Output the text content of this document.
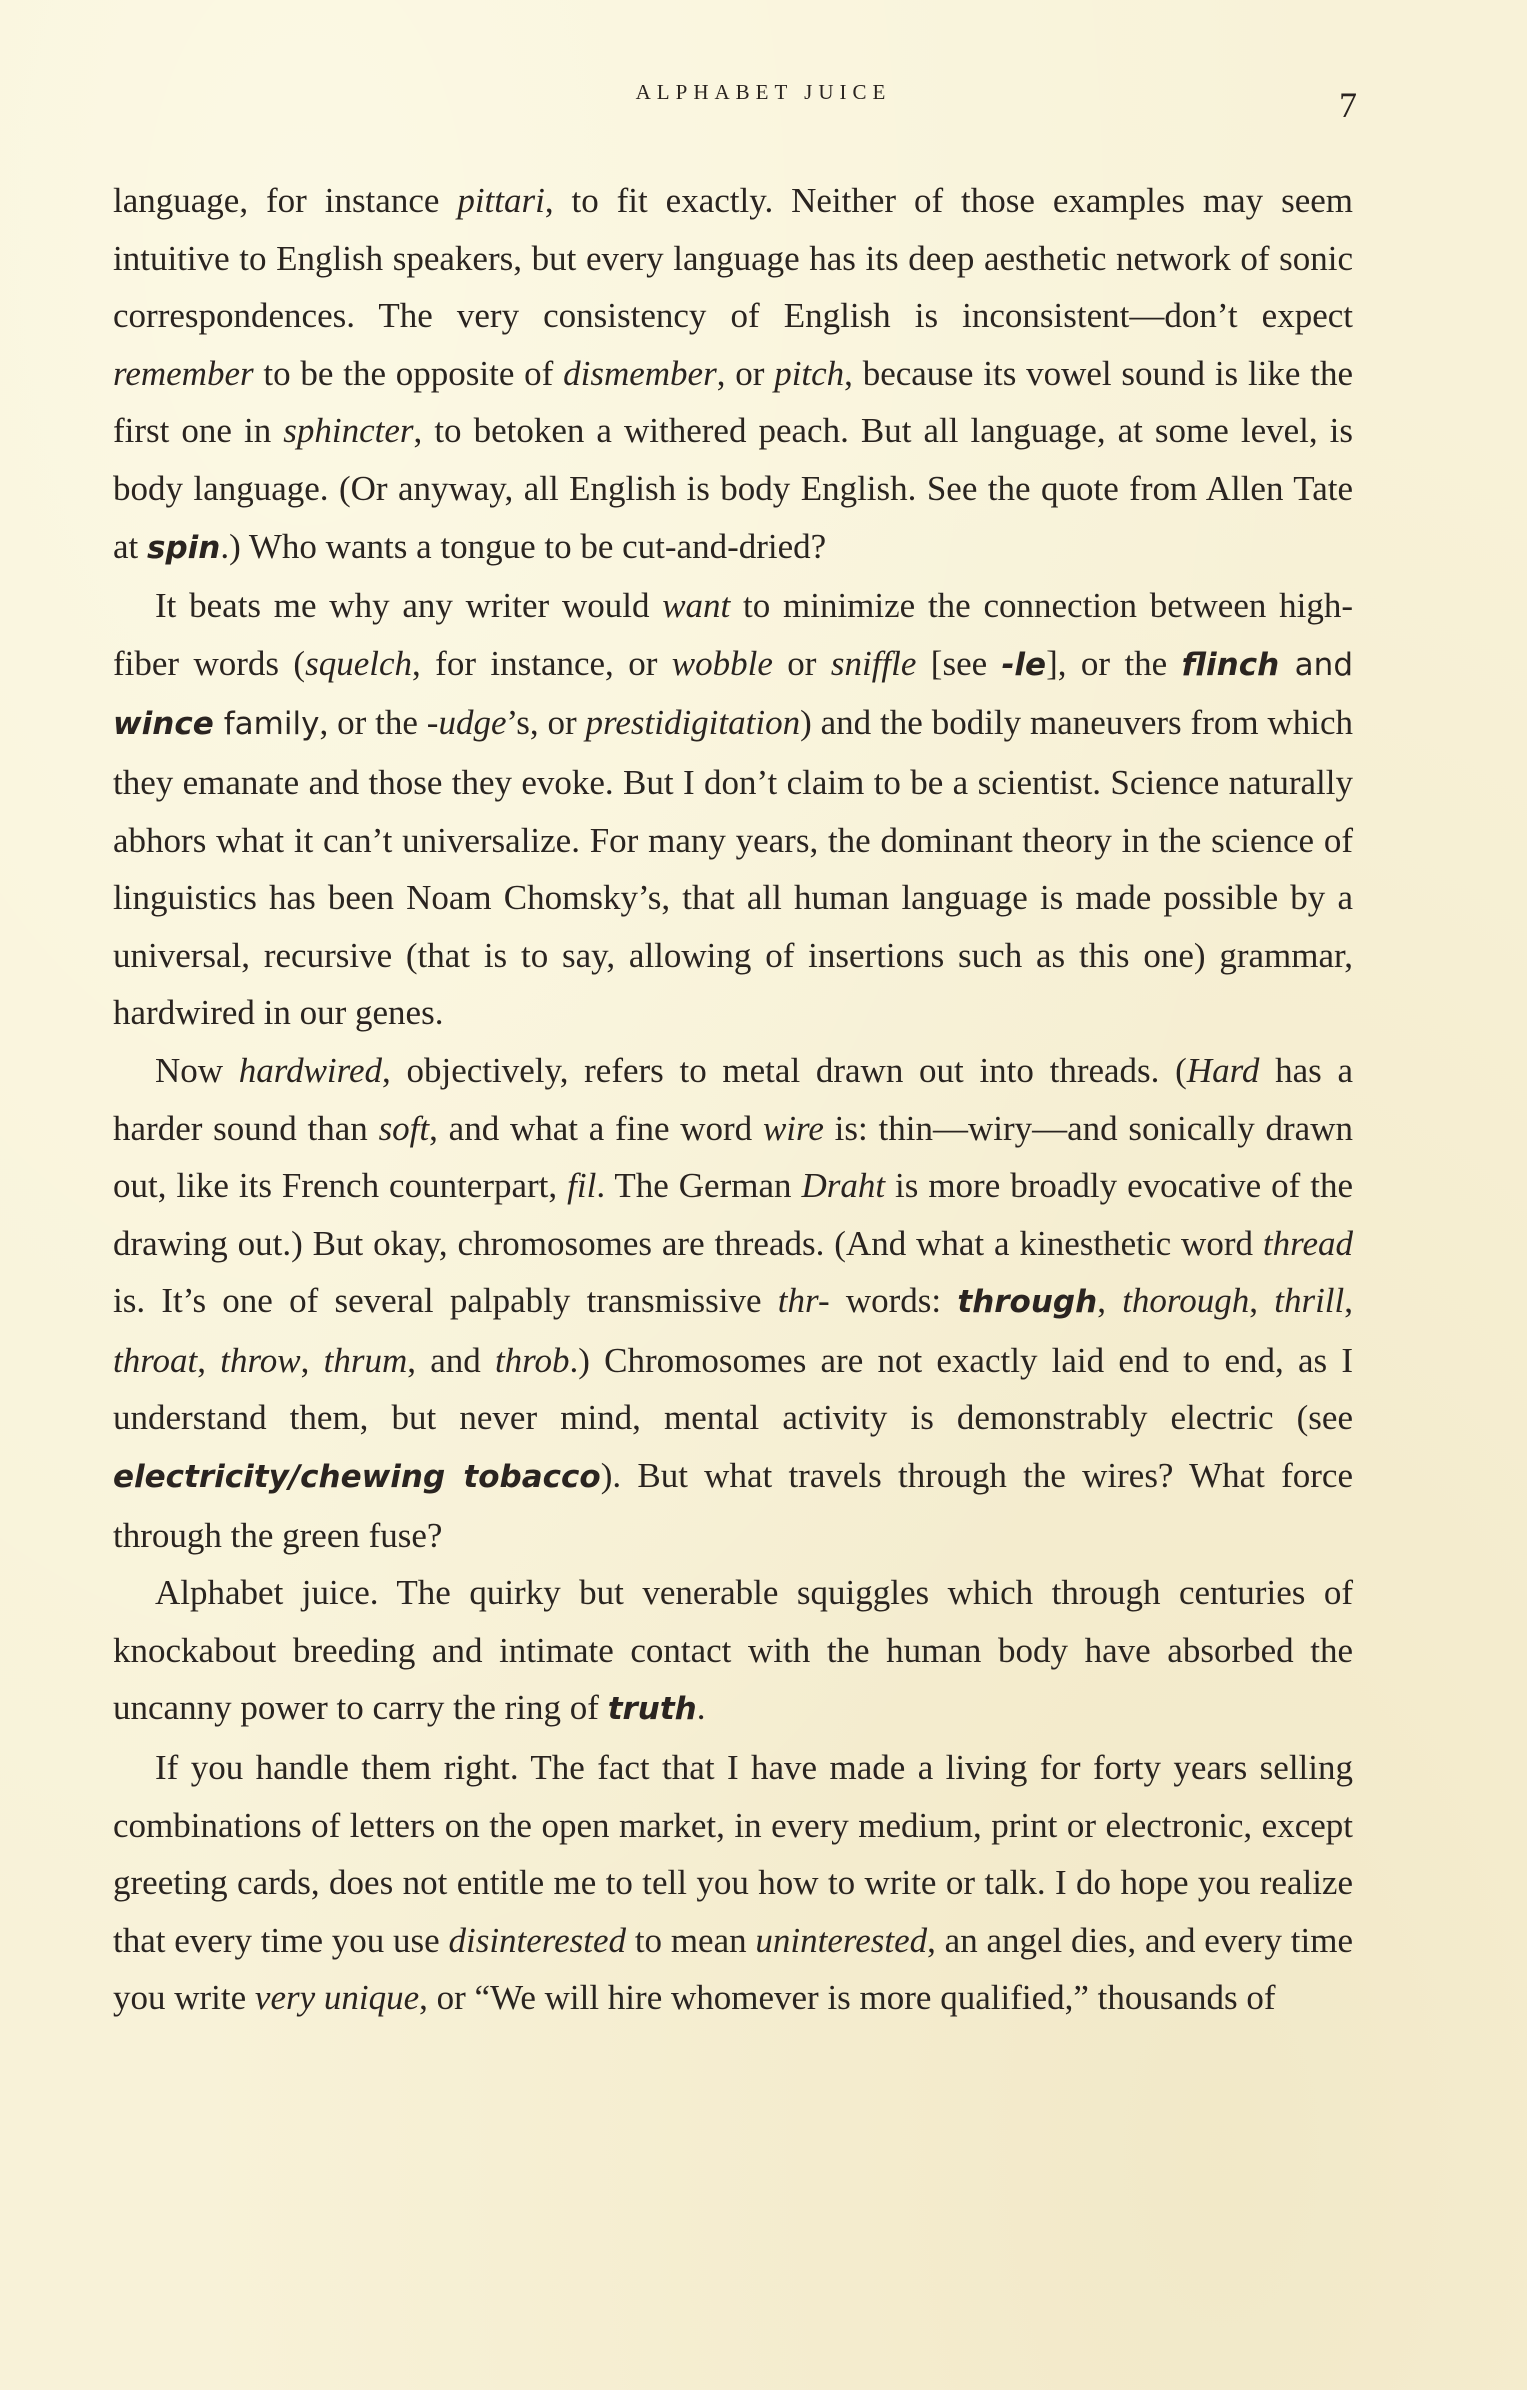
ALPHABET JUICE	7

language, for instance pittari, to fit exactly. Neither of those examples may seem intuitive to English speakers, but every language has its deep aesthetic network of sonic correspondences. The very consistency of English is inconsistent—don’t expect remember to be the opposite of dismember, or pitch, because its vowel sound is like the first one in sphincter, to betoken a withered peach. But all language, at some level, is body language. (Or anyway, all English is body English. See the quote from Allen Tate at spin.) Who wants a tongue to be cut-and-dried?

It beats me why any writer would want to minimize the connection between high-fiber words (squelch, for instance, or wobble or sniffle [see -le], or the flinch and wince family, or the -udge’s, or prestidigitation) and the bodily maneuvers from which they emanate and those they evoke. But I don’t claim to be a scientist. Science naturally abhors what it can’t universalize. For many years, the dominant theory in the science of linguistics has been Noam Chomsky’s, that all human language is made possible by a universal, recursive (that is to say, allowing of insertions such as this one) grammar, hardwired in our genes.

Now hardwired, objectively, refers to metal drawn out into threads. (Hard has a harder sound than soft, and what a fine word wire is: thin—wiry—and sonically drawn out, like its French counterpart, fil. The German Draht is more broadly evocative of the drawing out.) But okay, chromosomes are threads. (And what a kinesthetic word thread is. It’s one of several palpably transmissive thr- words: through, thorough, thrill, throat, throw, thrum, and throb.) Chromosomes are not exactly laid end to end, as I understand them, but never mind, mental activity is demonstrably electric (see electricity/chewing tobacco). But what travels through the wires? What force through the green fuse?

Alphabet juice. The quirky but venerable squiggles which through centuries of knockabout breeding and intimate contact with the human body have absorbed the uncanny power to carry the ring of truth.

If you handle them right. The fact that I have made a living for forty years selling combinations of letters on the open market, in every medium, print or electronic, except greeting cards, does not entitle me to tell you how to write or talk. I do hope you realize that every time you use disinterested to mean uninterested, an angel dies, and every time you write very unique, or “We will hire whomever is more qualified,” thousands of
